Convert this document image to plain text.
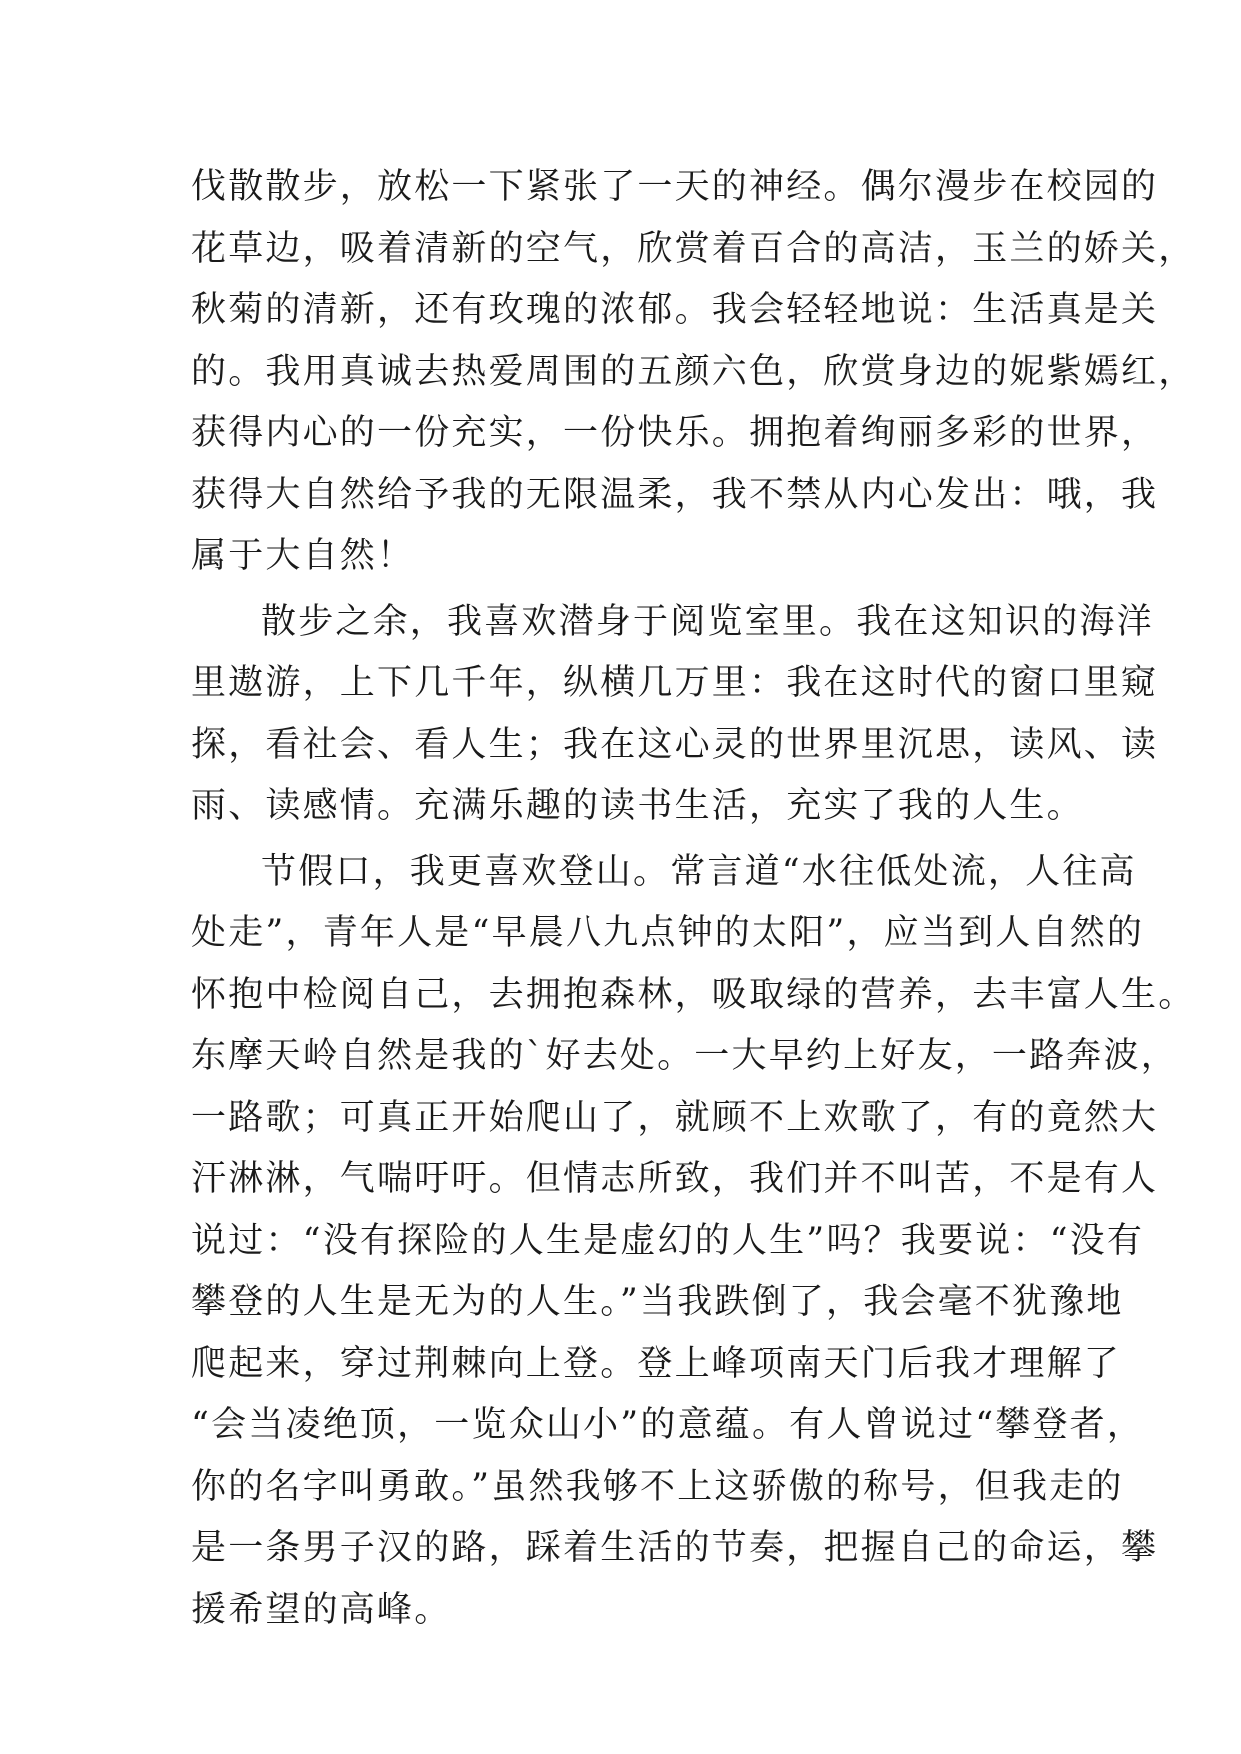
伐散散步，放松一下紧张了一天的神经。偶尔漫步在校园的
花草边，吸着清新的空气，欣赏着百合的高洁，玉兰的娇关，
秋菊的清新，还有玫瑰的浓郁。我会轻轻地说：生活真是关
的。我用真诚去热爱周围的五颜六色，欣赏身边的妮紫嫣红，
获得内心的一份充实，一份快乐。拥抱着绚丽多彩的世界，
获得大自然给予我的无限温柔，我不禁从内心发出：哦，我
属于大自然！

散步之余，我喜欢潜身于阅览室里。我在这知识的海洋
里遨游，上下几千年，纵横几万里：我在这时代的窗口里窥
探，看社会、看人生；我在这心灵的世界里沉思，读风、读
雨、读感情。充满乐趣的读书生活，充实了我的人生。

节假口，我更喜欢登山。常言道“水往低处流，人往高
处走”，青年人是“早晨八九点钟的太阳”，应当到人自然的
怀抱中检阅自己，去拥抱森林，吸取绿的营养，去丰富人生。
东摩天岭自然是我的`好去处。一大早约上好友，一路奔波，
一路歌；可真正开始爬山了，就顾不上欢歌了，有的竟然大
汗淋淋，气喘吁吁。但情志所致，我们并不叫苦，不是有人
说过：“没有探险的人生是虚幻的人生”吗？我要说：“没有
攀登的人生是无为的人生。”当我跌倒了，我会毫不犹豫地
爬起来，穿过荆棘向上登。登上峰项南天门后我才理解了
“会当凌绝顶，一览众山小”的意蕴。有人曾说过“攀登者，
你的名字叫勇敢。”虽然我够不上这骄傲的称号，但我走的
是一条男子汉的路，踩着生活的节奏，把握自己的命运，攀
援希望的高峰。
